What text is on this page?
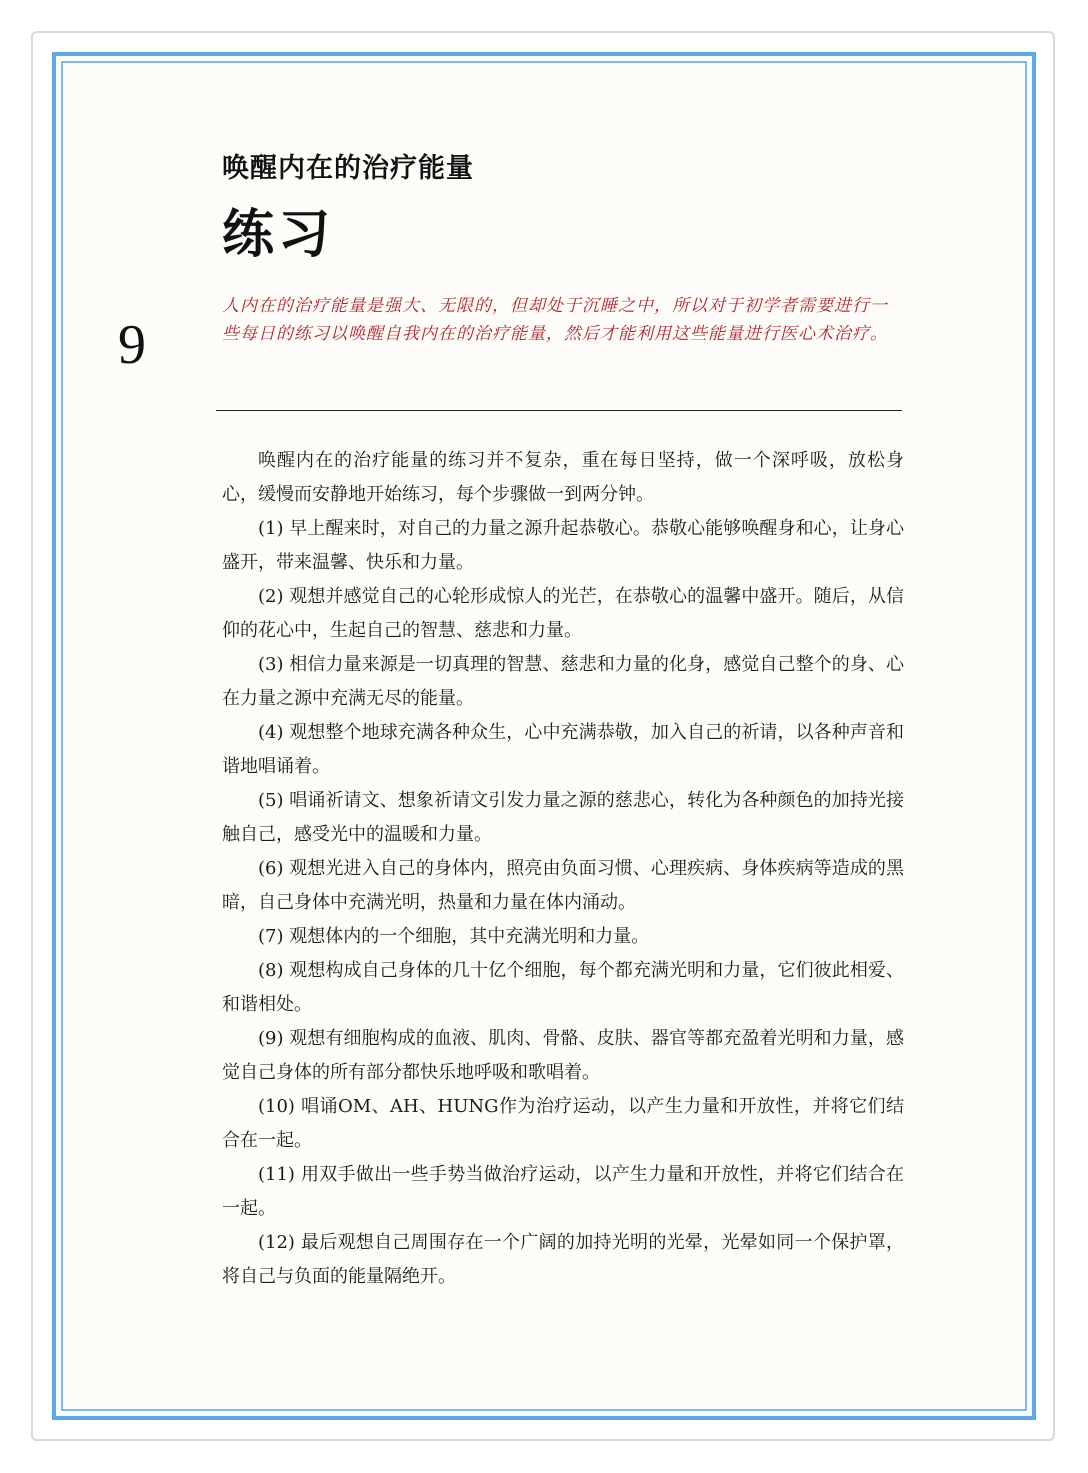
唤醒内在的治疗能量
练习
9
人内在的治疗能量是强大、无限的，但却处于沉睡之中，所以对于初学者需要进行一些每日的练习以唤醒自我内在的治疗能量，然后才能利用这些能量进行医心术治疗。

唤醒内在的治疗能量的练习并不复杂，重在每日坚持，做一个深呼吸，放松身心，缓慢而安静地开始练习，每个步骤做一到两分钟。

(1) 早上醒来时，对自己的力量之源升起恭敬心。恭敬心能够唤醒身和心，让身心盛开，带来温馨、快乐和力量。

(2) 观想并感觉自己的心轮形成惊人的光芒，在恭敬心的温馨中盛开。随后，从信仰的花心中，生起自己的智慧、慈悲和力量。

(3) 相信力量来源是一切真理的智慧、慈悲和力量的化身，感觉自己整个的身、心在力量之源中充满无尽的能量。

(4) 观想整个地球充满各种众生，心中充满恭敬，加入自己的祈请，以各种声音和谐地唱诵着。

(5) 唱诵祈请文、想象祈请文引发力量之源的慈悲心，转化为各种颜色的加持光接触自己，感受光中的温暖和力量。

(6) 观想光进入自己的身体内，照亮由负面习惯、心理疾病、身体疾病等造成的黑暗，自己身体中充满光明，热量和力量在体内涌动。

(7) 观想体内的一个细胞，其中充满光明和力量。

(8) 观想构成自己身体的几十亿个细胞，每个都充满光明和力量，它们彼此相爱、和谐相处。

(9) 观想有细胞构成的血液、肌肉、骨骼、皮肤、器官等都充盈着光明和力量，感觉自己身体的所有部分都快乐地呼吸和歌唱着。

(10) 唱诵OM、AH、HUNG作为治疗运动，以产生力量和开放性，并将它们结合在一起。

(11) 用双手做出一些手势当做治疗运动，以产生力量和开放性，并将它们结合在一起。

(12) 最后观想自己周围存在一个广阔的加持光明的光晕，光晕如同一个保护罩，将自己与负面的能量隔绝开。
